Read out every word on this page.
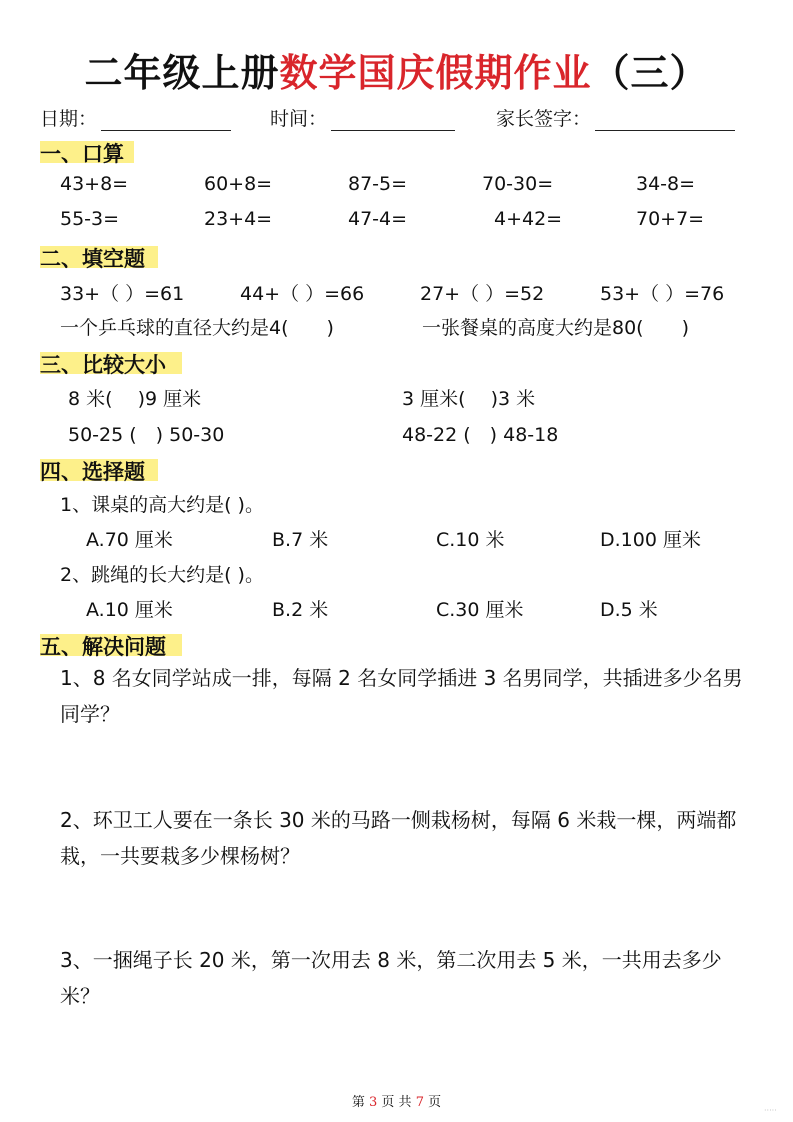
二年级上册数学国庆假期作业（三）
日期：	时间：	家长签字：
一、口算
43+8=	60+8=	87-5=	70-30=	34-8=
55-3=	23+4=	47-4=	4+42=	70+7=
二、填空题
33+（ ）=61	44+（ ）=66	27+（ ）=52	53+（ ）=76
一个乒乓球的直径大约是4(　　)	一张餐桌的高度大约是80(　　)
三、比较大小
8 米(　 )9 厘米	3 厘米(　 )3 米
50-25 (　) 50-30	48-22 (　) 48-18
四、选择题
1、课桌的高大约是( )。
A.70 厘米	B.7 米	C.10 米	D.100 厘米
2、跳绳的长大约是( )。
A.10 厘米	B.2 米	C.30 厘米	D.5 米
五、解决问题
1、8 名女同学站成一排，每隔 2 名女同学插进 3 名男同学，共插进多少名男同学？
2、环卫工人要在一条长 30 米的马路一侧栽杨树，每隔 6 米栽一棵，两端都栽，一共要栽多少棵杨树？
3、一捆绳子长 20 米，第一次用去 8 米，第二次用去 5 米，一共用去多少米？
第 3 页 共 7 页
·····
